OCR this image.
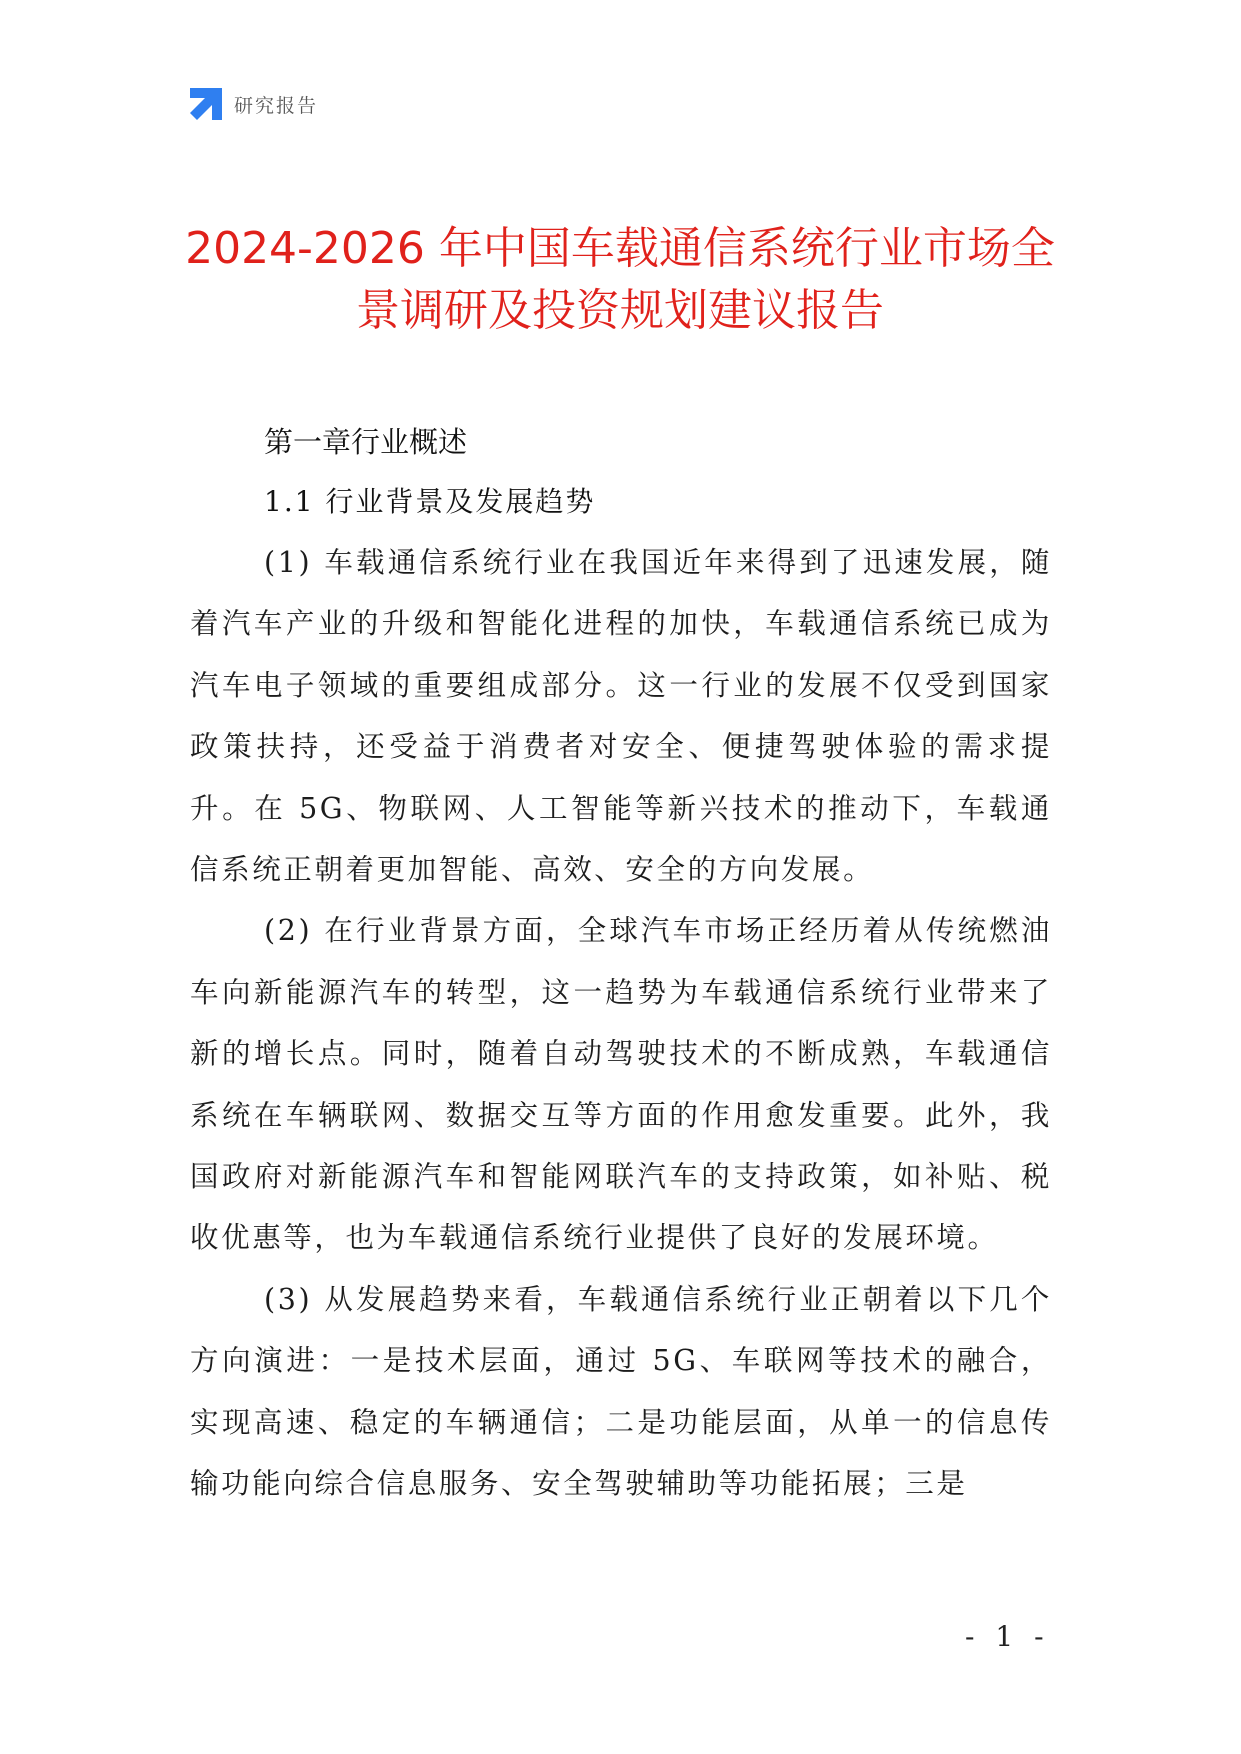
研究报告
2024-2026 年中国车载通信系统行业市场全
景调研及投资规划建议报告
第一章行业概述
1.1 行业背景及发展趋势

(1) 车载通信系统行业在我国近年来得到了迅速发展，随着汽车产业的升级和智能化进程的加快，车载通信系统已成为汽车电子领域的重要组成部分。这一行业的发展不仅受到国家政策扶持，还受益于消费者对安全、便捷驾驶体验的需求提升。在 5G、物联网、人工智能等新兴技术的推动下，车载通信系统正朝着更加智能、高效、安全的方向发展。

(2) 在行业背景方面，全球汽车市场正经历着从传统燃油车向新能源汽车的转型，这一趋势为车载通信系统行业带来了新的增长点。同时，随着自动驾驶技术的不断成熟，车载通信系统在车辆联网、数据交互等方面的作用愈发重要。此外，我国政府对新能源汽车和智能网联汽车的支持政策，如补贴、税收优惠等，也为车载通信系统行业提供了良好的发展环境。

(3) 从发展趋势来看，车载通信系统行业正朝着以下几个方向演进：一是技术层面，通过 5G、车联网等技术的融合，实现高速、稳定的车辆通信；二是功能层面，从单一的信息传输功能向综合信息服务、安全驾驶辅助等功能拓展；三是

- 1 -
